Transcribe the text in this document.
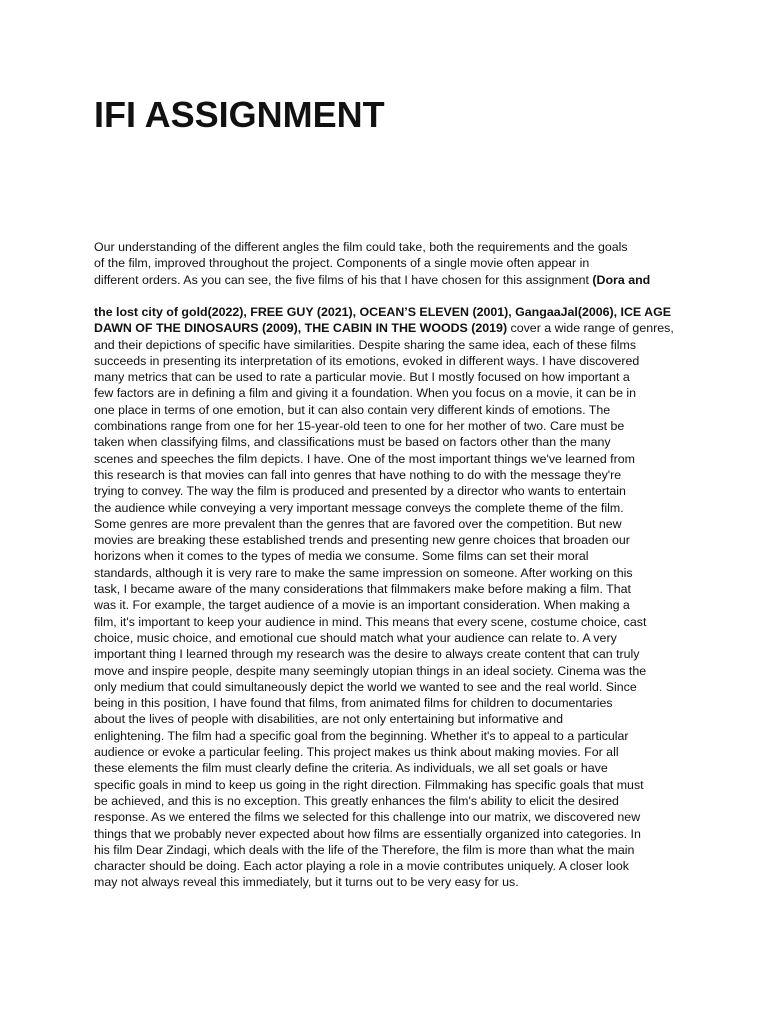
IFI ASSIGNMENT
Our understanding of the different angles the film could take, both the requirements and the goals
of the film, improved throughout the project. Components of a single movie often appear in
different orders. As you can see, the five films of his that I have chosen for this assignment (Dora and
the lost city of gold(2022), FREE GUY (2021), OCEAN’S ELEVEN (2001), GangaaJal(2006), ICE AGE
DAWN OF THE DINOSAURS (2009), THE CABIN IN THE WOODS (2019) cover a wide range of genres,
and their depictions of specific have similarities. Despite sharing the same idea, each of these films
succeeds in presenting its interpretation of its emotions, evoked in different ways. I have discovered
many metrics that can be used to rate a particular movie. But I mostly focused on how important a
few factors are in defining a film and giving it a foundation. When you focus on a movie, it can be in
one place in terms of one emotion, but it can also contain very different kinds of emotions. The
combinations range from one for her 15-year-old teen to one for her mother of two. Care must be
taken when classifying films, and classifications must be based on factors other than the many
scenes and speeches the film depicts. I have. One of the most important things we've learned from
this research is that movies can fall into genres that have nothing to do with the message they're
trying to convey. The way the film is produced and presented by a director who wants to entertain
the audience while conveying a very important message conveys the complete theme of the film.
Some genres are more prevalent than the genres that are favored over the competition. But new
movies are breaking these established trends and presenting new genre choices that broaden our
horizons when it comes to the types of media we consume. Some films can set their moral
standards, although it is very rare to make the same impression on someone. After working on this
task, I became aware of the many considerations that filmmakers make before making a film. That
was it. For example, the target audience of a movie is an important consideration. When making a
film, it's important to keep your audience in mind. This means that every scene, costume choice, cast
choice, music choice, and emotional cue should match what your audience can relate to. A very
important thing I learned through my research was the desire to always create content that can truly
move and inspire people, despite many seemingly utopian things in an ideal society. Cinema was the
only medium that could simultaneously depict the world we wanted to see and the real world. Since
being in this position, I have found that films, from animated films for children to documentaries
about the lives of people with disabilities, are not only entertaining but informative and
enlightening. The film had a specific goal from the beginning. Whether it's to appeal to a particular
audience or evoke a particular feeling. This project makes us think about making movies. For all
these elements the film must clearly define the criteria. As individuals, we all set goals or have
specific goals in mind to keep us going in the right direction. Filmmaking has specific goals that must
be achieved, and this is no exception. This greatly enhances the film's ability to elicit the desired
response. As we entered the films we selected for this challenge into our matrix, we discovered new
things that we probably never expected about how films are essentially organized into categories. In
his film Dear Zindagi, which deals with the life of the Therefore, the film is more than what the main
character should be doing. Each actor playing a role in a movie contributes uniquely. A closer look
may not always reveal this immediately, but it turns out to be very easy for us.
